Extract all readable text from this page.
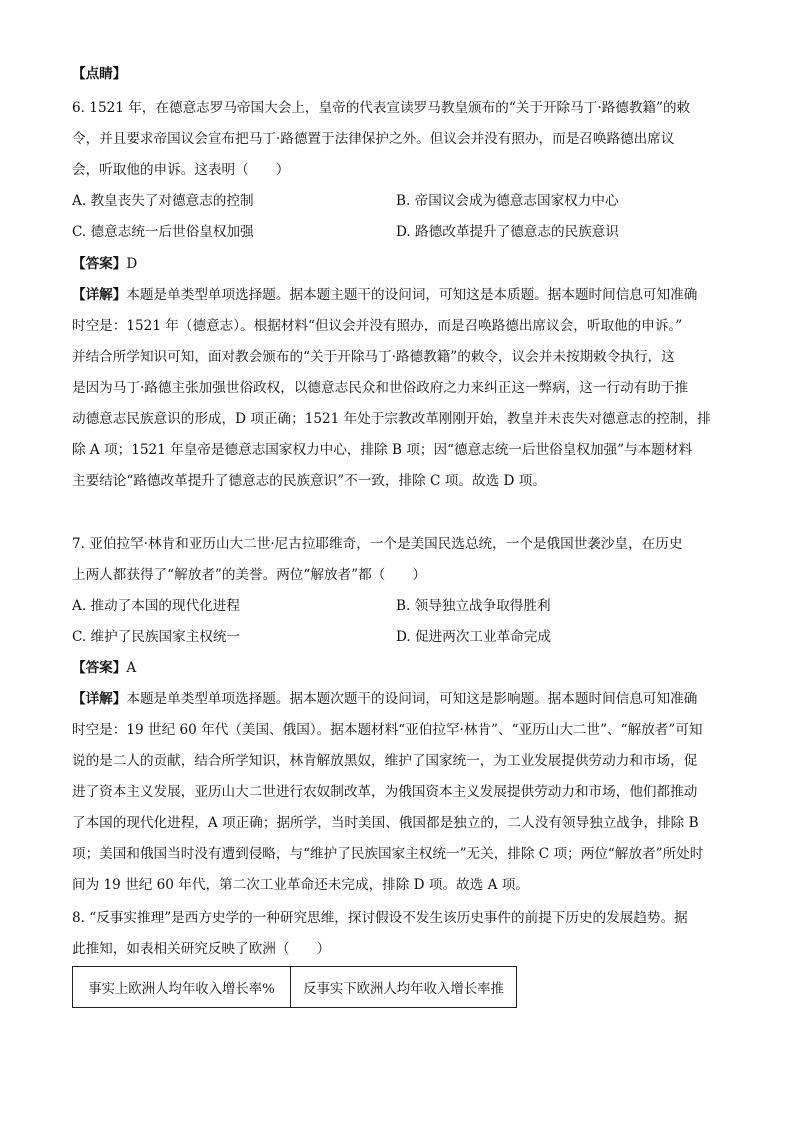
【点睛】
6. 1521 年，在德意志罗马帝国大会上，皇帝的代表宣读罗马教皇颁布的“关于开除马丁·路德教籍”的敕
令，并且要求帝国议会宣布把马丁·路德置于法律保护之外。但议会并没有照办，而是召唤路德出席议
会，听取他的申诉。这表明（　　）
A. 教皇丧失了对德意志的控制	B. 帝国议会成为德意志国家权力中心
C. 德意志统一后世俗皇权加强	D. 路德改革提升了德意志的民族意识
【答案】D
【详解】本题是单类型单项选择题。据本题主题干的设问词，可知这是本质题。据本题时间信息可知准确
时空是：1521 年（德意志）。根据材料“但议会并没有照办，而是召唤路德出席议会，听取他的申诉。”
并结合所学知识可知，面对教会颁布的“关于开除马丁·路德教籍”的敕令，议会并未按期敕令执行，这
是因为马丁·路德主张加强世俗政权，以德意志民众和世俗政府之力来纠正这一弊病，这一行动有助于推
动德意志民族意识的形成，D 项正确；1521 年处于宗教改革刚刚开始，教皇并未丧失对德意志的控制，排
除 A 项；1521 年皇帝是德意志国家权力中心，排除 B 项；因“德意志统一后世俗皇权加强”与本题材料
主要结论“路德改革提升了德意志的民族意识”不一致，排除 C 项。故选 D 项。
7. 亚伯拉罕·林肯和亚历山大二世·尼古拉耶维奇，一个是美国民选总统，一个是俄国世袭沙皇，在历史
上两人都获得了“解放者”的美誉。两位“解放者”都（　　）
A. 推动了本国的现代化进程	B. 领导独立战争取得胜利
C. 维护了民族国家主权统一	D. 促进两次工业革命完成
【答案】A
【详解】本题是单类型单项选择题。据本题次题干的设问词，可知这是影响题。据本题时间信息可知准确
时空是：19 世纪 60 年代（美国、俄国）。据本题材料“亚伯拉罕·林肯”、“亚历山大二世”、“解放者”可知
说的是二人的贡献，结合所学知识，林肯解放黑奴，维护了国家统一，为工业发展提供劳动力和市场，促
进了资本主义发展，亚历山大二世进行农奴制改革，为俄国资本主义发展提供劳动力和市场，他们都推动
了本国的现代化进程，A 项正确；据所学，当时美国、俄国都是独立的，二人没有领导独立战争，排除 B
项；美国和俄国当时没有遭到侵略，与“维护了民族国家主权统一”无关，排除 C 项；两位“解放者”所处时
间为 19 世纪 60 年代，第二次工业革命还未完成，排除 D 项。故选 A 项。
8. “反事实推理”是西方史学的一种研究思维，探讨假设不发生该历史事件的前提下历史的发展趋势。据
此推知，如表相关研究反映了欧洲（　　）
事实上欧洲人均年收入增长率%	反事实下欧洲人均年收入增长率推
